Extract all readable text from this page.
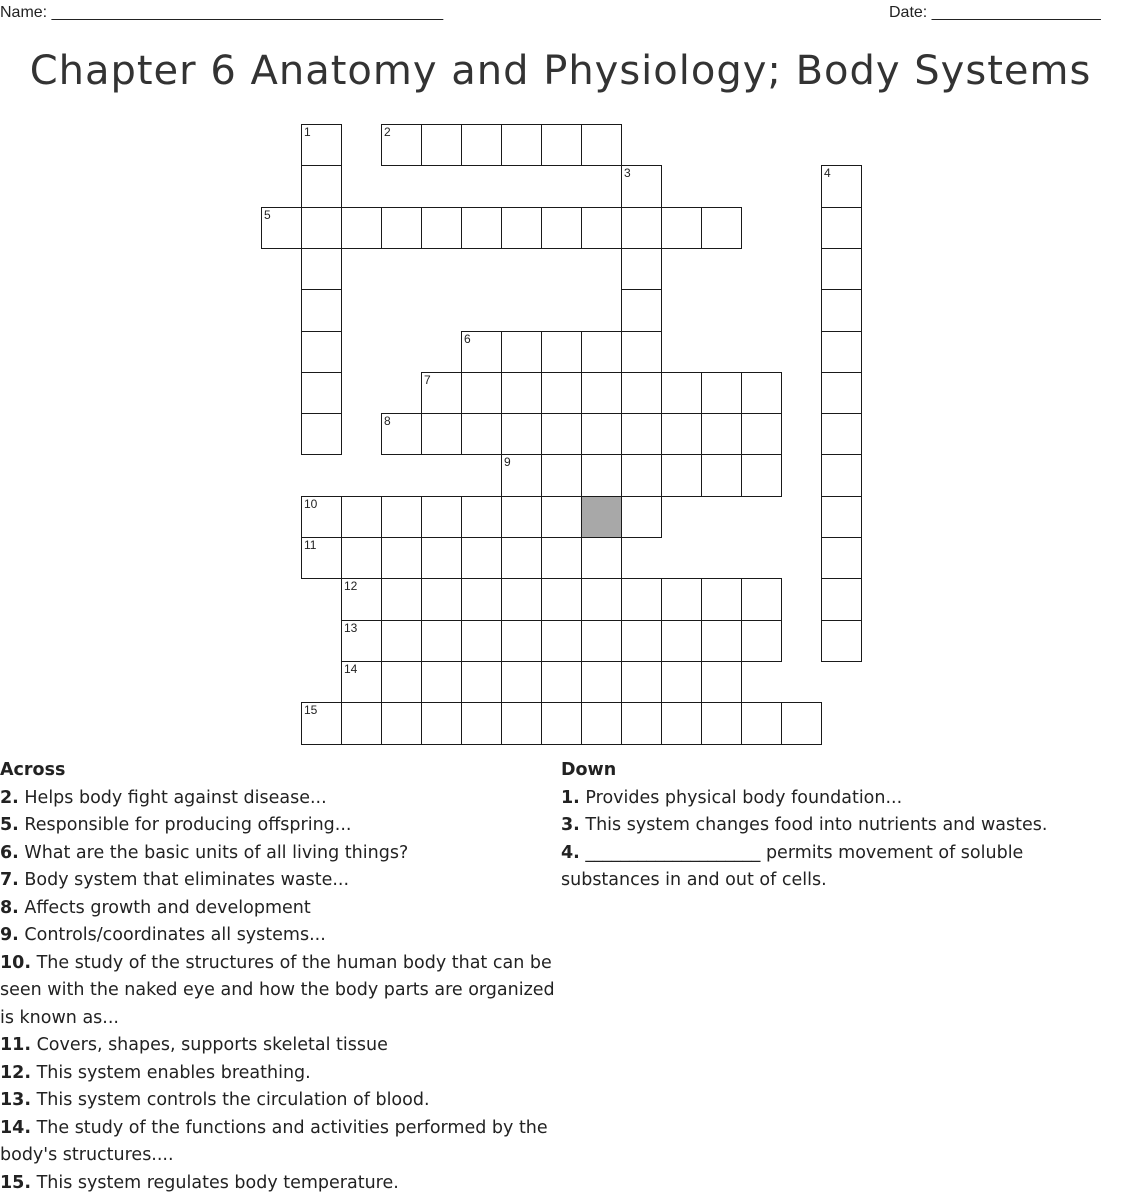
Name: ____________________________________________	Date: ___________________
Chapter 6 Anatomy and Physiology; Body Systems
1	2
3	4
5
6
7
8
9
10
11
12
13
14
15
Across
2. Helps body fight against disease...
5. Responsible for producing offspring...
6. What are the basic units of all living things?
7. Body system that eliminates waste...
8. Affects growth and development
9. Controls/coordinates all systems...
10. The study of the structures of the human body that can be seen with the naked eye and how the body parts are organized is known as...
11. Covers, shapes, supports skeletal tissue
12. This system enables breathing.
13. This system controls the circulation of blood.
14. The study of the functions and activities performed by the body's structures....
15. This system regulates body temperature.
Down
1. Provides physical body foundation...
3. This system changes food into nutrients and wastes.
4. ____________________ permits movement of soluble substances in and out of cells.
